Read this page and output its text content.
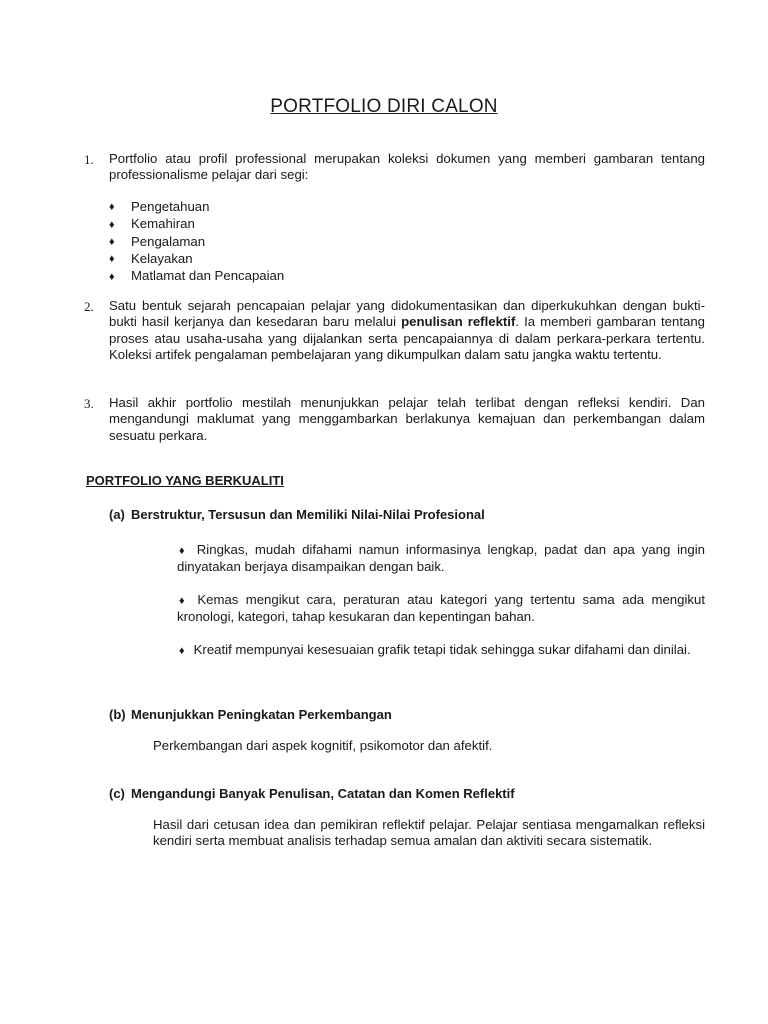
PORTFOLIO DIRI CALON
1. Portfolio atau profil professional merupakan koleksi dokumen yang memberi gambaran tentang professionalisme pelajar dari segi:
♦ Pengetahuan
♦ Kemahiran
♦ Pengalaman
♦ Kelayakan
♦ Matlamat dan Pencapaian
2. Satu bentuk sejarah pencapaian pelajar yang didokumentasikan dan diperkukuhkan dengan bukti-bukti hasil kerjanya dan kesedaran baru melalui penulisan reflektif. Ia memberi gambaran tentang proses atau usaha-usaha yang dijalankan serta pencapaiannya di dalam perkara-perkara tertentu. Koleksi artifek pengalaman pembelajaran yang dikumpulkan dalam satu jangka waktu tertentu.
3. Hasil akhir portfolio mestilah menunjukkan pelajar telah terlibat dengan refleksi kendiri. Dan mengandungi maklumat yang menggambarkan berlakunya kemajuan dan perkembangan dalam sesuatu perkara.
PORTFOLIO YANG BERKUALITI
(a) Berstruktur, Tersusun dan Memiliki Nilai-Nilai Profesional
♦ Ringkas, mudah difahami namun informasinya lengkap, padat dan apa yang ingin dinyatakan berjaya disampaikan dengan baik.
♦ Kemas mengikut cara, peraturan atau kategori yang tertentu sama ada mengikut kronologi, kategori, tahap kesukaran dan kepentingan bahan.
♦ Kreatif mempunyai kesesuaian grafik tetapi tidak sehingga sukar difahami dan dinilai.
(b) Menunjukkan Peningkatan Perkembangan
Perkembangan dari aspek kognitif, psikomotor dan afektif.
(c) Mengandungi Banyak Penulisan, Catatan dan Komen Reflektif
Hasil dari cetusan idea dan pemikiran reflektif pelajar. Pelajar sentiasa mengamalkan refleksi kendiri serta membuat analisis terhadap semua amalan dan aktiviti secara sistematik.
